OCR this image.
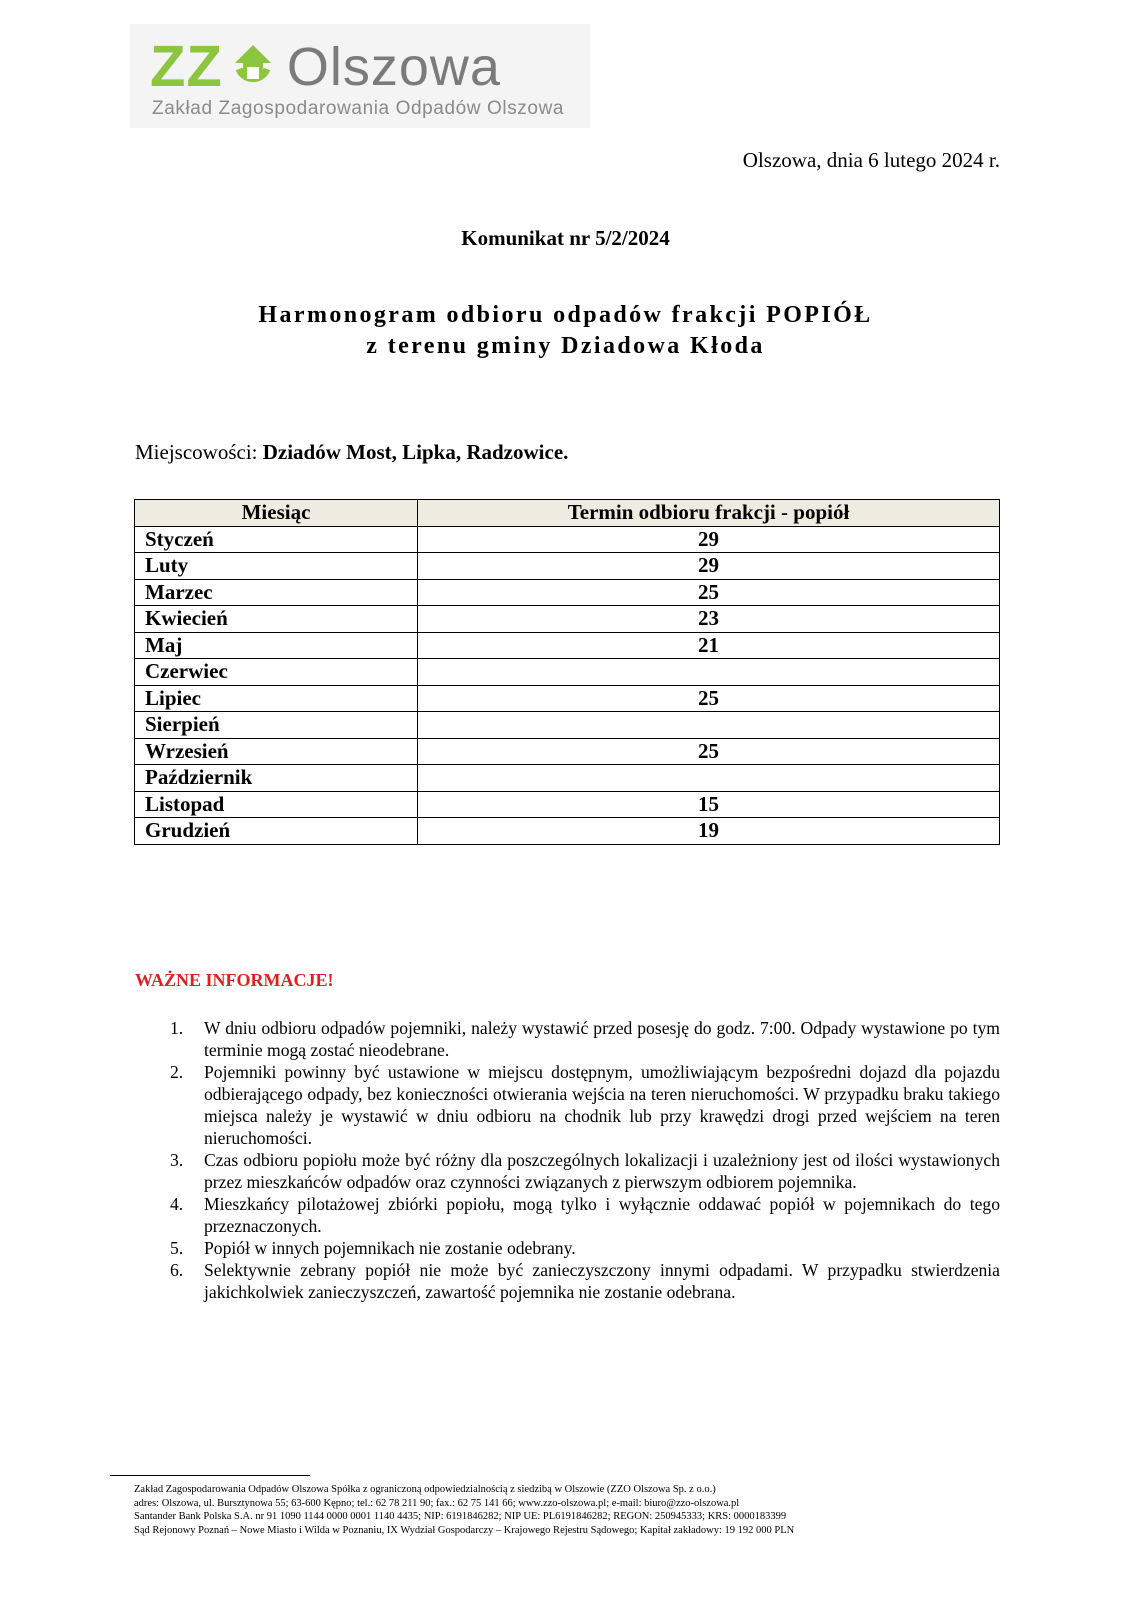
ZZ Olszowa
Zakład Zagospodarowania Odpadów Olszowa
Olszowa, dnia 6 lutego 2024 r.
Komunikat nr 5/2/2024
Harmonogram odbioru odpadów frakcji POPIÓŁ
z terenu gminy Dziadowa Kłoda
Miejscowości: Dziadów Most, Lipka, Radzowice.
Miesiąc	Termin odbioru frakcji - popiół
Styczeń	29
Luty	29
Marzec	25
Kwiecień	23
Maj	21
Czerwiec	
Lipiec	25
Sierpień	
Wrzesień	25
Październik	
Listopad	15
Grudzień	19
WAŻNE INFORMACJE!
1. W dniu odbioru odpadów pojemniki, należy wystawić przed posesję do godz. 7:00. Odpady wystawione po tym terminie mogą zostać nieodebrane.
2. Pojemniki powinny być ustawione w miejscu dostępnym, umożliwiającym bezpośredni dojazd dla pojazdu odbierającego odpady, bez konieczności otwierania wejścia na teren nieruchomości. W przypadku braku takiego miejsca należy je wystawić w dniu odbioru na chodnik lub przy krawędzi drogi przed wejściem na teren nieruchomości.
3. Czas odbioru popiołu może być różny dla poszczególnych lokalizacji i uzależniony jest od ilości wystawionych przez mieszkańców odpadów oraz czynności związanych z pierwszym odbiorem pojemnika.
4. Mieszkańcy pilotażowej zbiórki popiołu, mogą tylko i wyłącznie oddawać popiół w pojemnikach do tego przeznaczonych.
5. Popiół w innych pojemnikach nie zostanie odebrany.
6. Selektywnie zebrany popiół nie może być zanieczyszczony innymi odpadami. W przypadku stwierdzenia jakichkolwiek zanieczyszczeń, zawartość pojemnika nie zostanie odebrana.
Zakład Zagospodarowania Odpadów Olszowa Spółka z ograniczoną odpowiedzialnością z siedzibą w Olszowie (ZZO Olszowa Sp. z o.o.)
adres: Olszowa, ul. Bursztynowa 55; 63-600 Kępno; tel.: 62 78 211 90; fax.: 62 75 141 66; www.zzo-olszowa.pl; e-mail: biuro@zzo-olszowa.pl
Santander Bank Polska S.A. nr 91 1090 1144 0000 0001 1140 4435; NIP: 6191846282; NIP UE: PL6191846282; REGON: 250945333; KRS: 0000183399
Sąd Rejonowy Poznań – Nowe Miasto i Wilda w Poznaniu, IX Wydział Gospodarczy – Krajowego Rejestru Sądowego; Kapitał zakładowy: 19 192 000 PLN
